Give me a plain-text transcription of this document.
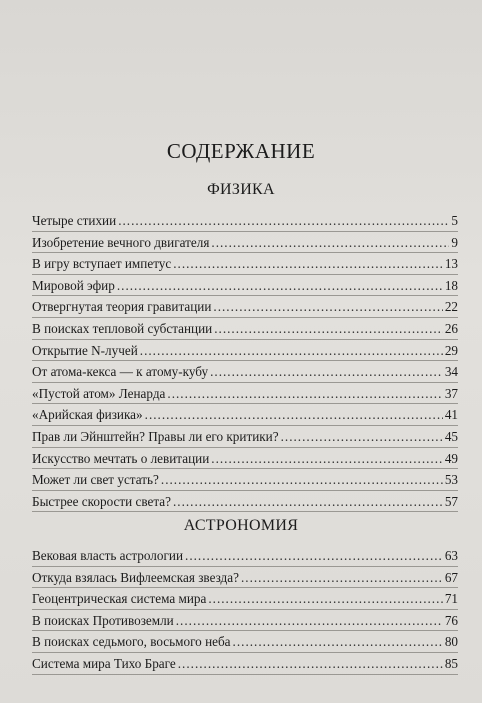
СОДЕРЖАНИЕ
ФИЗИКА
Четыре стихии .....	5
Изобретение вечного двигателя .....	9
В игру вступает импетус .....	13
Мировой эфир .....	18
Отвергнутая теория гравитации .....	22
В поисках тепловой субстанции .....	26
Открытие N-лучей .....	29
От атома-кекса — к атому-кубу .....	34
«Пустой атом» Ленарда .....	37
«Арийская физика» .....	41
Прав ли Эйнштейн? Правы ли его критики? .....	45
Искусство мечтать о левитации .....	49
Может ли свет устать? .....	53
Быстрее скорости света? .....	57
АСТРОНОМИЯ
Вековая власть астрологии .....	63
Откуда взялась Вифлеемская звезда? .....	67
Геоцентрическая система мира .....	71
В поисках Противоземли .....	76
В поисках седьмого, восьмого неба .....	80
Система мира Тихо Браге .....	85
